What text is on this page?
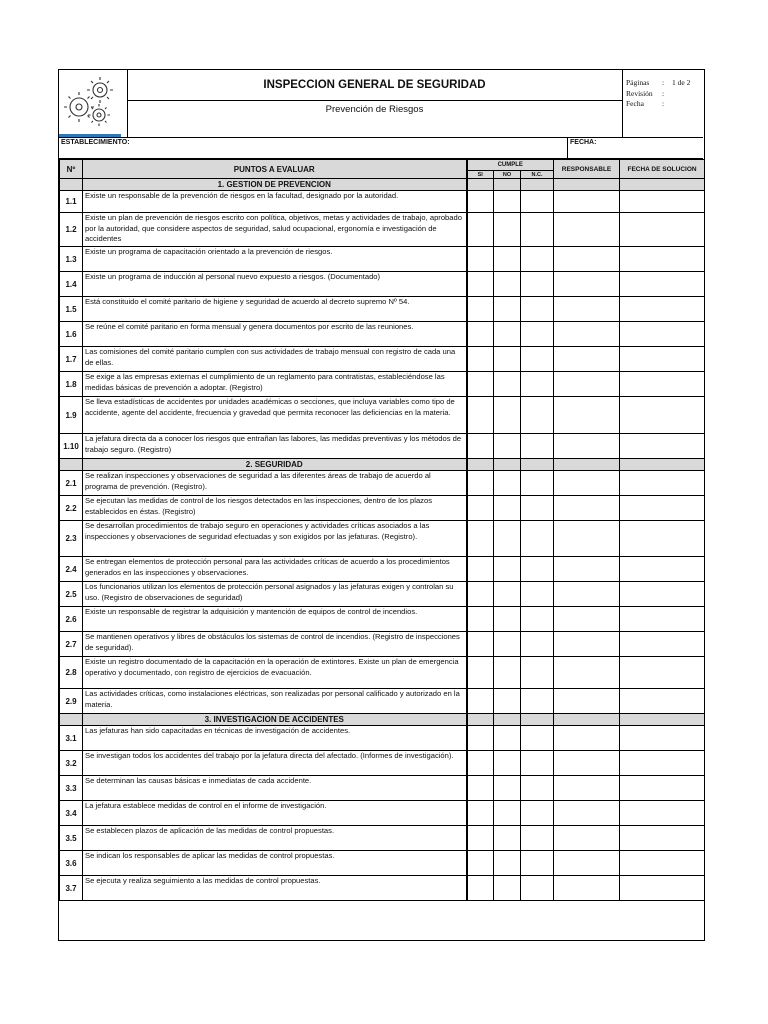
INSPECCION GENERAL DE SEGURIDAD
Prevención de Riesgos
Páginas : 1 de 2
Revisión :
Fecha :
ESTABLECIMIENTO:	FECHA:
Nº	PUNTOS A EVALUAR	CUMPLE			RESPONSABLE	FECHA DE SOLUCION
		SI	NO	N.C.		
	1. GESTION DE PREVENCION					
1.1	Existe un responsable de la prevención de riesgos en la facultad, designado por la autoridad.					
1.2	Existe un plan de prevención de riesgos escrito con política, objetivos, metas y actividades de trabajo, aprobado por la autoridad, que considere aspectos de seguridad, salud ocupacional, ergonomía e investigación de accidentes					
1.3	Existe un programa de capacitación orientado a la prevención de riesgos.					
1.4	Existe un programa de inducción al personal nuevo expuesto a riesgos. (Documentado)					
1.5	Está constituido el comité paritario de higiene y seguridad de acuerdo al decreto supremo Nº 54.					
1.6	Se reúne el comité paritario en forma mensual y genera documentos por escrito de las reuniones.					
1.7	Las comisiones del comité paritario cumplen con sus actividades de trabajo mensual con registro de cada una de ellas.					
1.8	Se exige a las empresas externas el cumplimiento de un reglamento para contratistas, estableciéndose las medidas básicas de prevención a adoptar. (Registro)					
1.9	Se lleva estadísticas de accidentes por unidades académicas o secciones, que incluya variables como tipo de accidente, agente del accidente, frecuencia y gravedad que permita reconocer las deficiencias en la materia.					
1.10	La jefatura directa da a conocer los riesgos que entrañan las labores, las medidas preventivas y los métodos de trabajo seguro. (Registro)					
	2. SEGURIDAD					
2.1	Se realizan inspecciones y observaciones de seguridad a las diferentes áreas de trabajo de acuerdo al programa de prevención. (Registro).					
2.2	Se ejecutan las medidas de control de los riesgos detectados en las inspecciones, dentro de los plazos establecidos en éstas. (Registro)					
2.3	Se desarrollan procedimientos de trabajo seguro en operaciones y actividades críticas asociados a las inspecciones y observaciones de seguridad efectuadas y son exigidos por las jefaturas. (Registro).					
2.4	Se entregan elementos de protección personal para las actividades críticas de acuerdo a los procedimientos generados en las inspecciones y observaciones.					
2.5	Los funcionarios utilizan los elementos de protección personal asignados y las jefaturas exigen y controlan su uso. (Registro de observaciones de seguridad)					
2.6	Existe un responsable de registrar la adquisición y mantención de equipos de control de incendios.					
2.7	Se mantienen operativos y libres de obstáculos los sistemas de control de incendios. (Registro de inspecciones de seguridad).					
2.8	Existe un registro documentado de la capacitación en la operación de extintores. Existe un plan de emergencia operativo y documentado, con registro de ejercicios de evacuación.					
2.9	Las actividades críticas, como instalaciones eléctricas, son realizadas por personal calificado y autorizado en la materia.					
	3. INVESTIGACION DE ACCIDENTES					
3.1	Las jefaturas han sido capacitadas en técnicas de investigación de accidentes.					
3.2	Se investigan todos los accidentes del trabajo por la jefatura directa del afectado. (Informes de investigación).					
3.3	Se determinan las causas básicas e inmediatas de cada accidente.					
3.4	La jefatura establece medidas de control en el informe de investigación.					
3.5	Se establecen plazos de aplicación de las medidas de control propuestas.					
3.6	Se indican los responsables de aplicar las medidas de control propuestas.					
3.7	Se ejecuta y realiza seguimiento a las medidas de control propuestas.					
